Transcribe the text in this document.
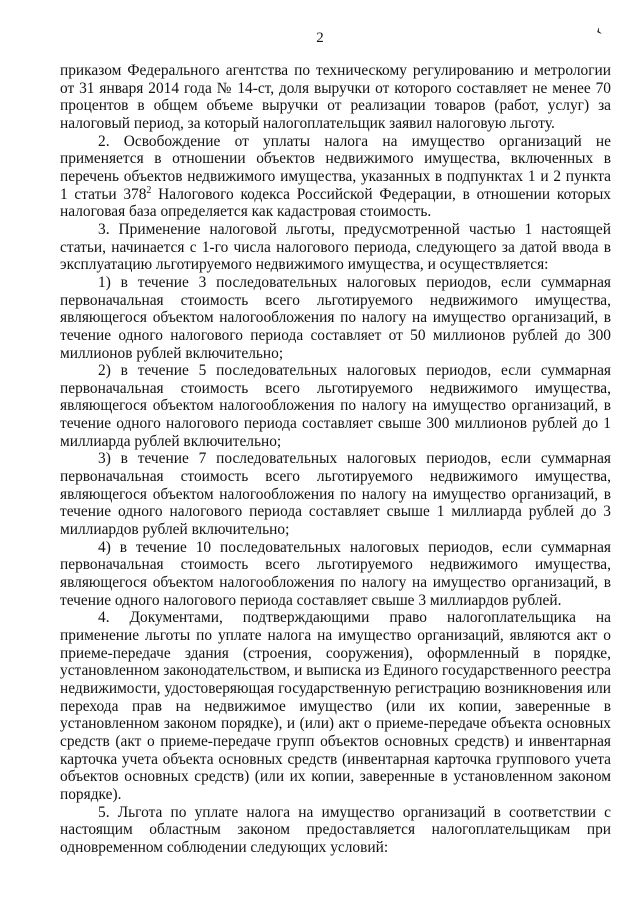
2	‹

приказом Федерального агентства по техническому регулированию и метрологии от 31 января 2014 года № 14-ст, доля выручки от которого составляет не менее 70 процентов в общем объеме выручки от реализации товаров (работ, услуг) за налоговый период, за который налогоплательщик заявил налоговую льготу.

2. Освобождение от уплаты налога на имущество организаций не применяется в отношении объектов недвижимого имущества, включенных в перечень объектов недвижимого имущества, указанных в подпунктах 1 и 2 пункта 1 статьи $378^2$ Налогового кодекса Российской Федерации, в отношении которых налоговая база определяется как кадастровая стоимость.

3. Применение налоговой льготы, предусмотренной частью 1 настоящей статьи, начинается с 1-го числа налогового периода, следующего за датой ввода в эксплуатацию льготируемого недвижимого имущества, и осуществляется:

1) в течение 3 последовательных налоговых периодов, если суммарная первоначальная стоимость всего льготируемого недвижимого имущества, являющегося объектом налогообложения по налогу на имущество организаций, в течение одного налогового периода составляет от 50 миллионов рублей до 300 миллионов рублей включительно;

2) в течение 5 последовательных налоговых периодов, если суммарная первоначальная стоимость всего льготируемого недвижимого имущества, являющегося объектом налогообложения по налогу на имущество организаций, в течение одного налогового периода составляет свыше 300 миллионов рублей до 1 миллиарда рублей включительно;

3) в течение 7 последовательных налоговых периодов, если суммарная первоначальная стоимость всего льготируемого недвижимого имущества, являющегося объектом налогообложения по налогу на имущество организаций, в течение одного налогового периода составляет свыше 1 миллиарда рублей до 3 миллиардов рублей включительно;

4) в течение 10 последовательных налоговых периодов, если суммарная первоначальная стоимость всего льготируемого недвижимого имущества, являющегося объектом налогообложения по налогу на имущество организаций, в течение одного налогового периода составляет свыше 3 миллиардов рублей.

4. Документами, подтверждающими право налогоплательщика на применение льготы по уплате налога на имущество организаций, являются акт о приеме-передаче здания (строения, сооружения), оформленный в порядке, установленном законодательством, и выписка из Единого государственного реестра недвижимости, удостоверяющая государственную регистрацию возникновения или перехода прав на недвижимое имущество (или их копии, заверенные в установленном законом порядке), и (или) акт о приеме-передаче объекта основных средств (акт о приеме-передаче групп объектов основных средств) и инвентарная карточка учета объекта основных средств (инвентарная карточка группового учета объектов основных средств) (или их копии, заверенные в установленном законом порядке).

5. Льгота по уплате налога на имущество организаций в соответствии с настоящим областным законом предоставляется налогоплательщикам при одновременном соблюдении следующих условий:
